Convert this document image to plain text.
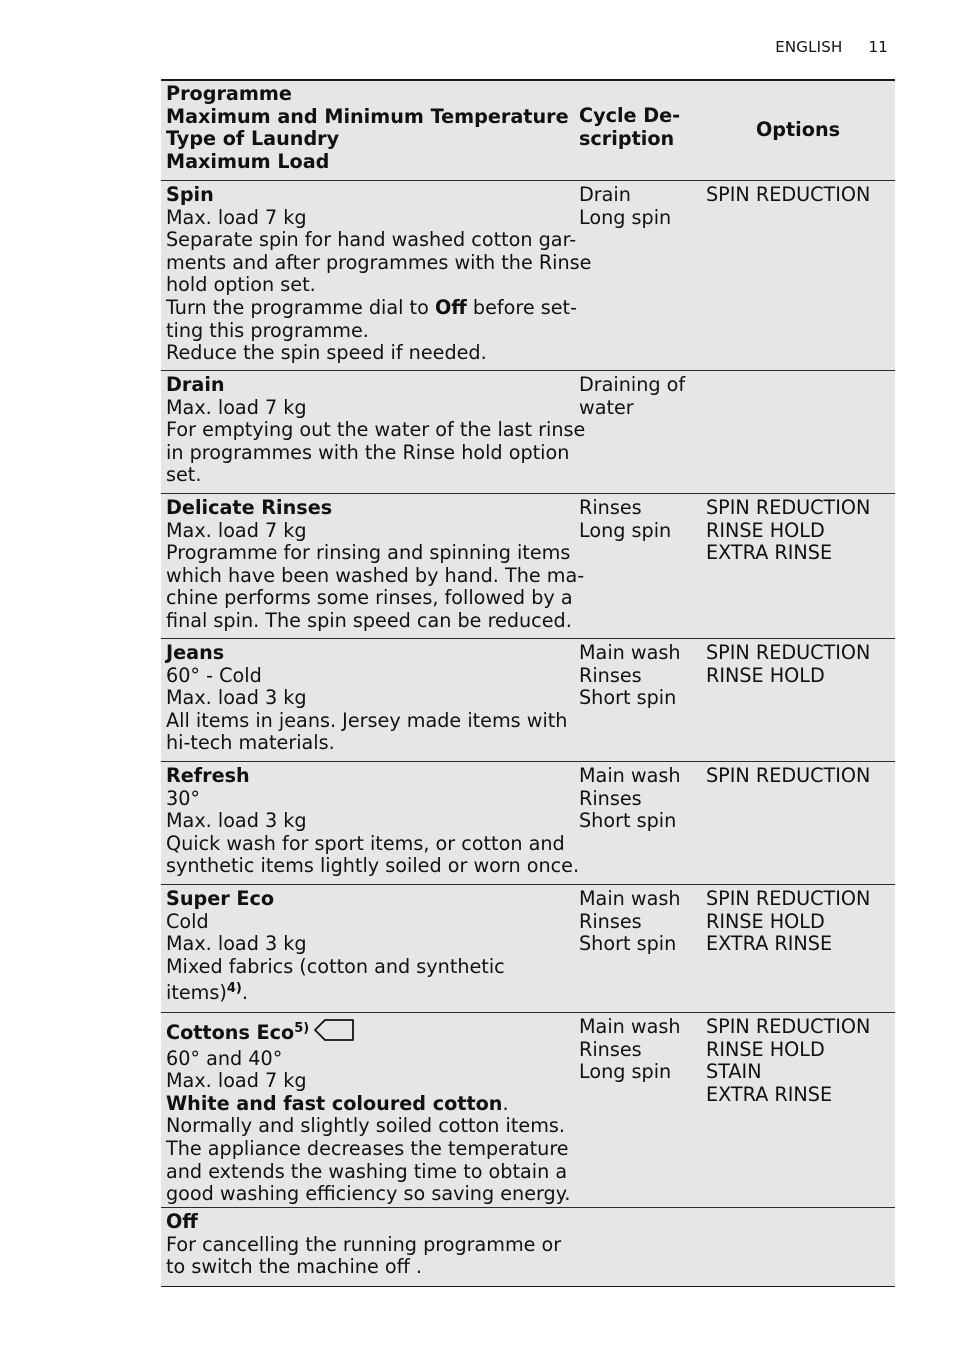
ENGLISH 11
Programme
Maximum and Minimum Temperature
Type of Laundry
Maximum Load
Cycle De-
scription	Options
Spin
Max. load 7 kg
Separate spin for hand washed cotton gar-
ments and after programmes with the Rinse
hold option set.
Turn the programme dial to Off before set-
ting this programme.
Reduce the spin speed if needed.
Drain
Long spin
SPIN REDUCTION
Drain
Max. load 7 kg
For emptying out the water of the last rinse
in programmes with the Rinse hold option
set.
Draining of
water
Delicate Rinses
Max. load 7 kg
Programme for rinsing and spinning items
which have been washed by hand. The ma-
chine performs some rinses, followed by a
final spin. The spin speed can be reduced.
Rinses
Long spin
SPIN REDUCTION
RINSE HOLD
EXTRA RINSE
Jeans
60° - Cold
Max. load 3 kg
All items in jeans. Jersey made items with
hi-tech materials.
Main wash
Rinses
Short spin
SPIN REDUCTION
RINSE HOLD
Refresh
30°
Max. load 3 kg
Quick wash for sport items, or cotton and
synthetic items lightly soiled or worn once.
Main wash
Rinses
Short spin
SPIN REDUCTION
Super Eco
Cold
Max. load 3 kg
Mixed fabrics (cotton and synthetic
items)$^{4)}$.
Main wash
Rinses
Short spin
SPIN REDUCTION
RINSE HOLD
EXTRA RINSE
Cottons Eco$^{5)}$
60° and 40°
Max. load 7 kg
White and fast coloured cotton.
Normally and slightly soiled cotton items.
The appliance decreases the temperature
and extends the washing time to obtain a
good washing efficiency so saving energy.
Main wash
Rinses
Long spin
SPIN REDUCTION
RINSE HOLD
STAIN
EXTRA RINSE
Off
For cancelling the running programme or
to switch the machine off .
